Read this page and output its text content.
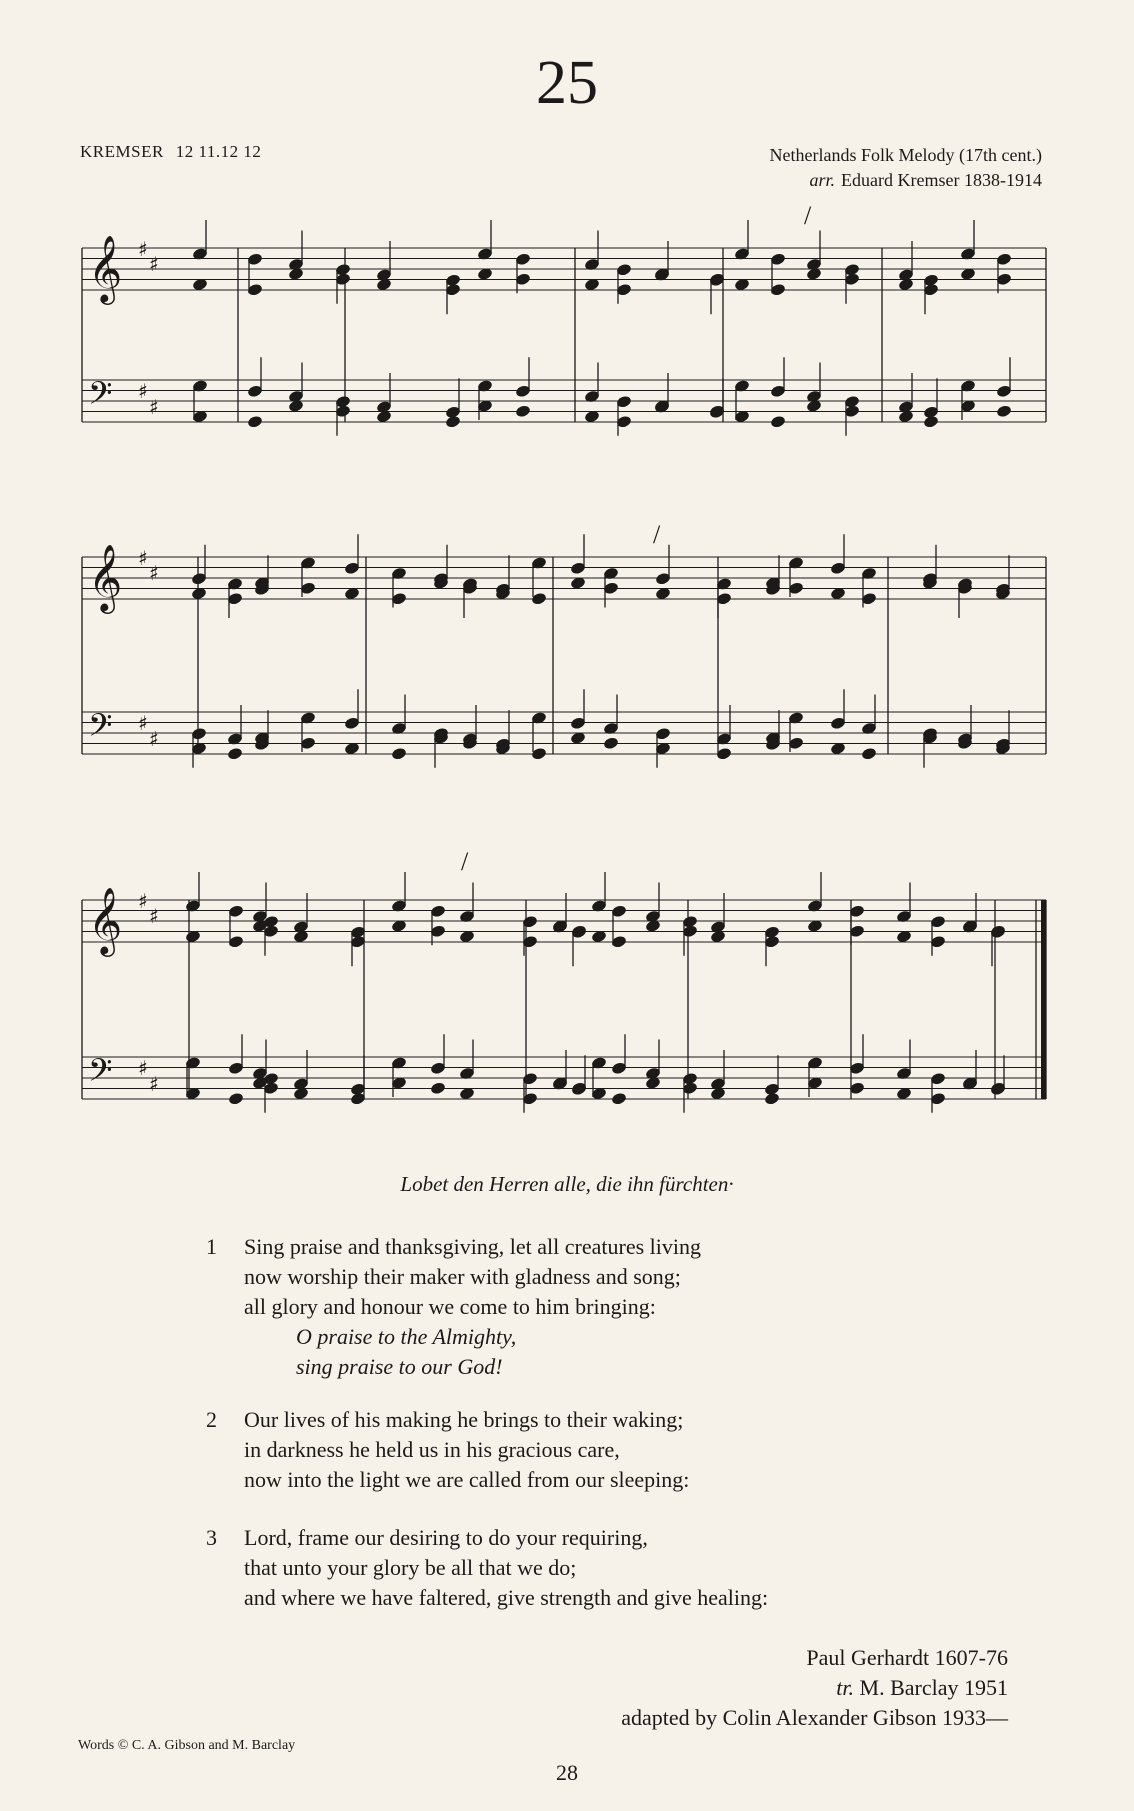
25
KREMSER 12 11.12 12	Netherlands Folk Melody (17th cent.)
arr. Eduard Kremser 1838-1914
𝄞 ♯
♯
𝄢 ♯
♯
𝄞 ♯
♯
𝄢 ♯
♯
𝄞 ♯
♯
𝄢 ♯
♯
/
/
/
Lobet den Herren alle, die ihn fürchten·
1	Sing praise and thanksgiving, let all creatures living
now worship their maker with gladness and song;
all glory and honour we come to him bringing:
O praise to the Almighty,
sing praise to our God!
2	Our lives of his making he brings to their waking;
in darkness he held us in his gracious care,
now into the light we are called from our sleeping:
3	Lord, frame our desiring to do your requiring,
that unto your glory be all that we do;
and where we have faltered, give strength and give healing:
Paul Gerhardt 1607-76
tr. M. Barclay 1951
adapted by Colin Alexander Gibson 1933—
Words © C. A. Gibson and M. Barclay
28
